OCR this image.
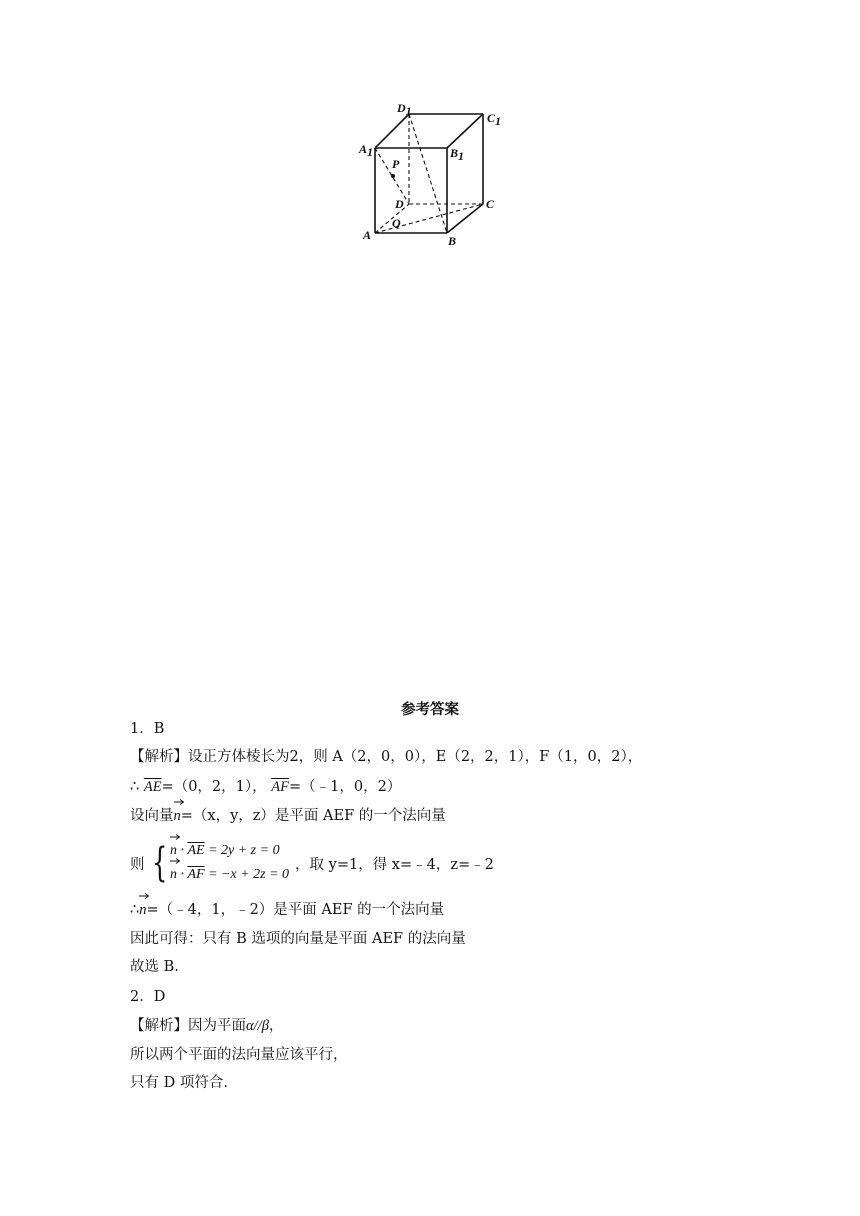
D1	C1
A1	B1
P
D	C
Q
A	B
参考答案
1．B
【解析】设正方体棱长为2，则 A（2，0，0），E（2，2，1），F（1，0，2），
∴ $\overline{AE}=(0$，2，1）， $\overline{AF}=(﹣1$，0，2）
设向量n
=（x，y，z）是平面 AEF 的一个法向量
则 { $n \cdot \overline{AE} = 2y + z = 0$
$n \cdot \overline{AF} = -x + 2z = 0$
，取 y=1，得 x=﹣4，z=﹣2
∴n
=（﹣4，1，﹣2）是平面 AEF 的一个法向量
因此可得：只有 B 选项的向量是平面 AEF 的法向量
故选 B.
2．D
【解析】因为平面α//β，
所以两个平面的法向量应该平行，
只有 D 项符合.
